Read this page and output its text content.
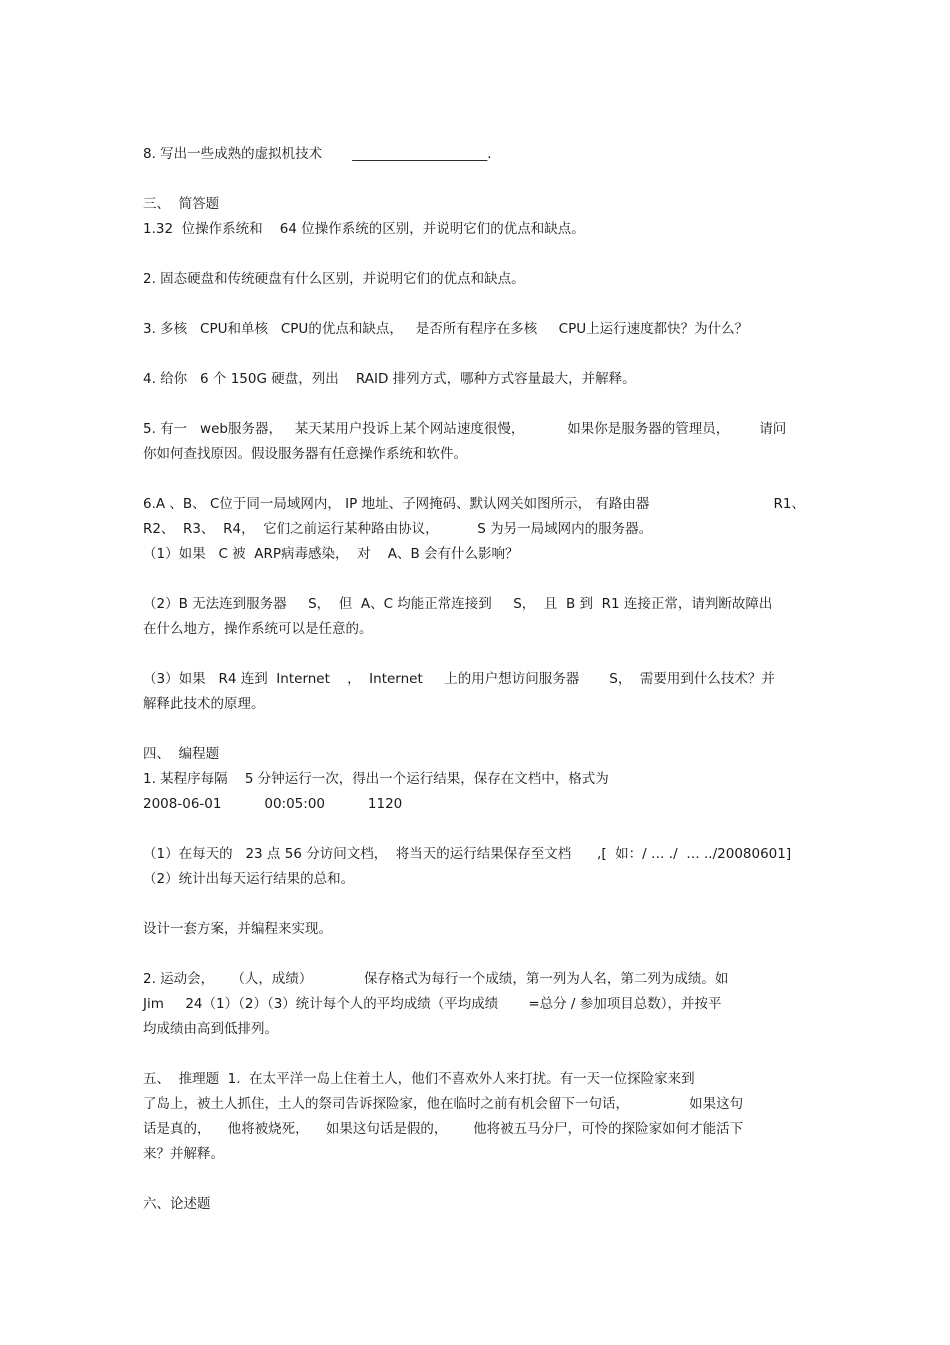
8. 写出一些成熟的虚拟机技术       ____________________.
三、  简答题
1.32  位操作系统和    64 位操作系统的区别，并说明它们的优点和缺点。
2. 固态硬盘和传统硬盘有什么区别，并说明它们的优点和缺点。
3. 多核   CPU和单核   CPU的优点和缺点，   是否所有程序在多核     CPU上运行速度都快？为什么？
4. 给你   6 个 150G 硬盘，列出    RAID 排列方式，哪种方式容量最大，并解释。
5. 有一   web服务器，   某天某用户投诉上某个网站速度很慢，          如果你是服务器的管理员，       请问
你如何查找原因。假设服务器有任意操作系统和软件。
6.A 、B、 C位于同一局域网内， IP 地址、子网掩码、默认网关如图所示， 有路由器	R1、
R2、  R3、  R4，  它们之前运行某种路由协议，         S 为另一局域网内的服务器。
（1）如果   C 被  ARP病毒感染，  对    A、B 会有什么影响？
（2）B 无法连到服务器     S，  但  A、C 均能正常连接到     S，  且  B 到  R1 连接正常，请判断故障出
在什么地方，操作系统可以是任意的。
（3）如果   R4 连到  Internet    ，  Internet     上的用户想访问服务器       S，  需要用到什么技术？并
解释此技术的原理。
四、  编程题
1. 某程序每隔    5 分钟运行一次，得出一个运行结果，保存在文档中，格式为
2008-06-01          00:05:00          1120
（1）在每天的   23 点 56 分访问文档，  将当天的运行结果保存至文档      ,[  如：/ … ./  … ../20080601]
（2）统计出每天运行结果的总和。
设计一套方案，并编程来实现。
2. 运动会，    （人，成绩）            保存格式为每行一个成绩，第一列为人名，第二列为成绩。如
Jim     24（1）（2）（3）统计每个人的平均成绩（平均成绩       =总分 / 参加项目总数），并按平
均成绩由高到低排列。
五、  推理题  1.  在太平洋一岛上住着土人，他们不喜欢外人来打扰。有一天一位探险家来到
了岛上，被土人抓住，土人的祭司告诉探险家，他在临时之前有机会留下一句话，              如果这句
话是真的，    他将被烧死，    如果这句话是假的，      他将被五马分尸，可怜的探险家如何才能活下
来？并解释。
六、论述题
